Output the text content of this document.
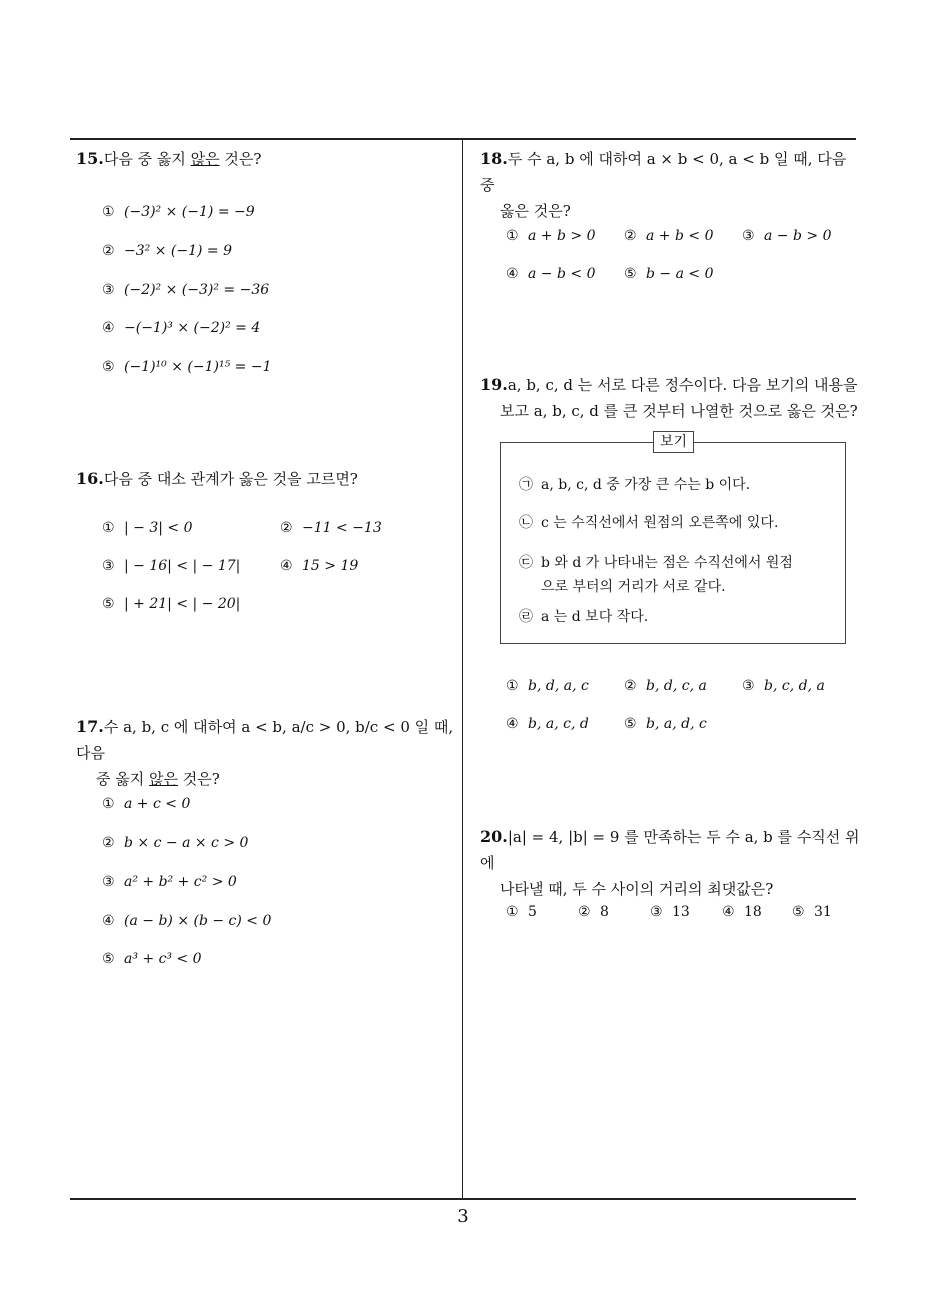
15.다음 중 옳지 않은 것은?
① (−3)² × (−1) = −9
② −3² × (−1) = 9
③ (−2)² × (−3)² = −36
④ −(−1)³ × (−2)² = 4
⑤ (−1)¹⁰ × (−1)¹⁵ = −1
16.다음 중 대소 관계가 옳은 것을 고르면?
① | − 3| < 0	② −11 < −13
③ | − 16| < | − 17|	④ 15 > 19
⑤ | + 21| < | − 20|
17.수 a, b, c 에 대하여 a < b, a/c > 0, b/c < 0 일 때, 다음
중 옳지 않은 것은?
① a + c < 0
② b × c − a × c > 0
③ a² + b² + c² > 0
④ (a − b) × (b − c) < 0
⑤ a³ + c³ < 0
18.두 수 a, b 에 대하여 a × b < 0, a < b 일 때, 다음 중
옳은 것은?
① a + b > 0 ② a + b < 0 ③ a − b > 0
④ a − b < 0 ⑤ b − a < 0
19.a, b, c, d 는 서로 다른 정수이다. 다음 보기의 내용을
보고 a, b, c, d 를 큰 것부터 나열한 것으로 옳은 것은?
보기
㉠ a, b, c, d 중 가장 큰 수는 b 이다.
㉡ c 는 수직선에서 원점의 오른쪽에 있다.
㉢ b 와 d 가 나타내는 점은 수직선에서 원점
으로 부터의 거리가 서로 같다.
㉣ a 는 d 보다 작다.
① b, d, a, c	② b, d, c, a	③ b, c, d, a
④ b, a, c, d	⑤ b, a, d, c
20.|a| = 4, |b| = 9 를 만족하는 두 수 a, b 를 수직선 위에
나타낼 때, 두 수 사이의 거리의 최댓값은?
① 5	② 8	③ 13 ④ 18 ⑤ 31
3
